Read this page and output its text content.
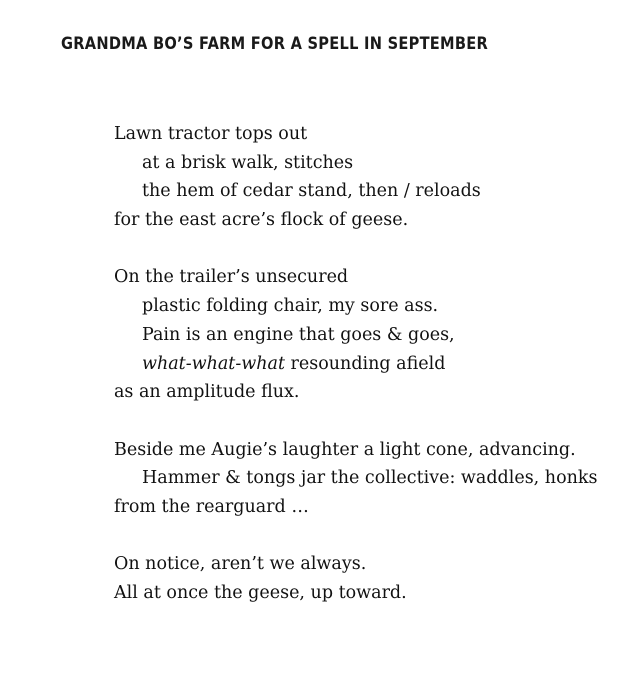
GRANDMA BO’S FARM FOR A SPELL IN SEPTEMBER
Lawn tractor tops out
at a brisk walk, stitches
the hem of cedar stand, then / reloads
for the east acre’s flock of geese.
On the trailer’s unsecured
plastic folding chair, my sore ass.
Pain is an engine that goes & goes,
what-what-what resounding afield
as an amplitude flux.
Beside me Augie’s laughter a light cone, advancing.
Hammer & tongs jar the collective: waddles, honks
from the rearguard …
On notice, aren’t we always.
All at once the geese, up toward.
